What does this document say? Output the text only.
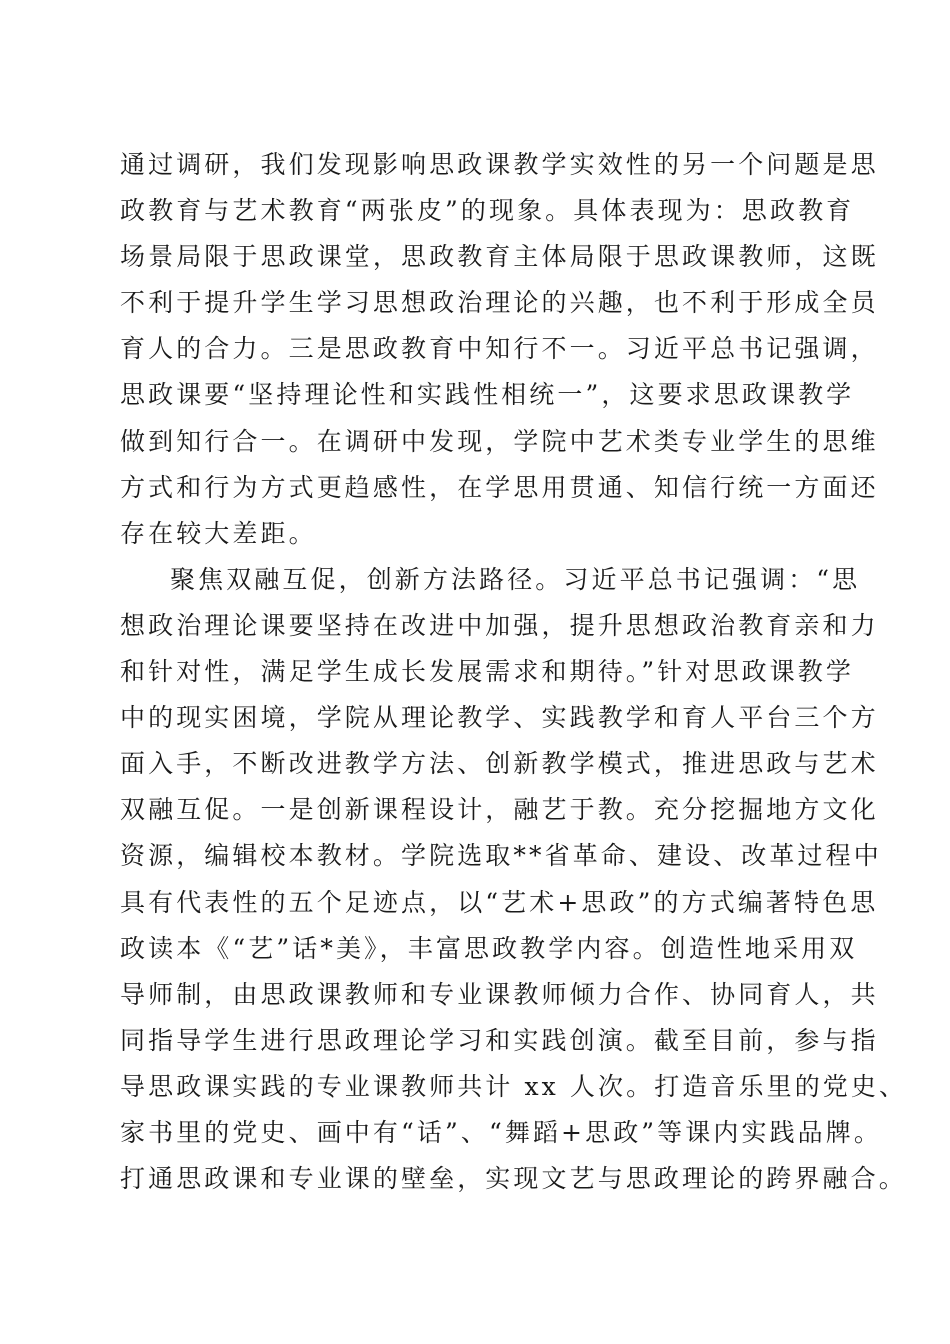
通过调研，我们发现影响思政课教学实效性的另一个问题是思
政教育与艺术教育“两张皮”的现象。具体表现为：思政教育
场景局限于思政课堂，思政教育主体局限于思政课教师，这既
不利于提升学生学习思想政治理论的兴趣，也不利于形成全员
育人的合力。三是思政教育中知行不一。习近平总书记强调，
思政课要“坚持理论性和实践性相统一”，这要求思政课教学
做到知行合一。在调研中发现，学院中艺术类专业学生的思维
方式和行为方式更趋感性，在学思用贯通、知信行统一方面还
存在较大差距。
聚焦双融互促，创新方法路径。习近平总书记强调：“思
想政治理论课要坚持在改进中加强，提升思想政治教育亲和力
和针对性，满足学生成长发展需求和期待。”针对思政课教学
中的现实困境，学院从理论教学、实践教学和育人平台三个方
面入手，不断改进教学方法、创新教学模式，推进思政与艺术
双融互促。一是创新课程设计，融艺于教。充分挖掘地方文化
资源，编辑校本教材。学院选取**省革命、建设、改革过程中
具有代表性的五个足迹点，以“艺术+思政”的方式编著特色思
政读本《“艺”话*美》，丰富思政教学内容。创造性地采用双
导师制，由思政课教师和专业课教师倾力合作、协同育人，共
同指导学生进行思政理论学习和实践创演。截至目前，参与指
导思政课实践的专业课教师共计 xx 人次。打造音乐里的党史、
家书里的党史、画中有“话”、“舞蹈+思政”等课内实践品牌。
打通思政课和专业课的壁垒，实现文艺与思政理论的跨界融合。
